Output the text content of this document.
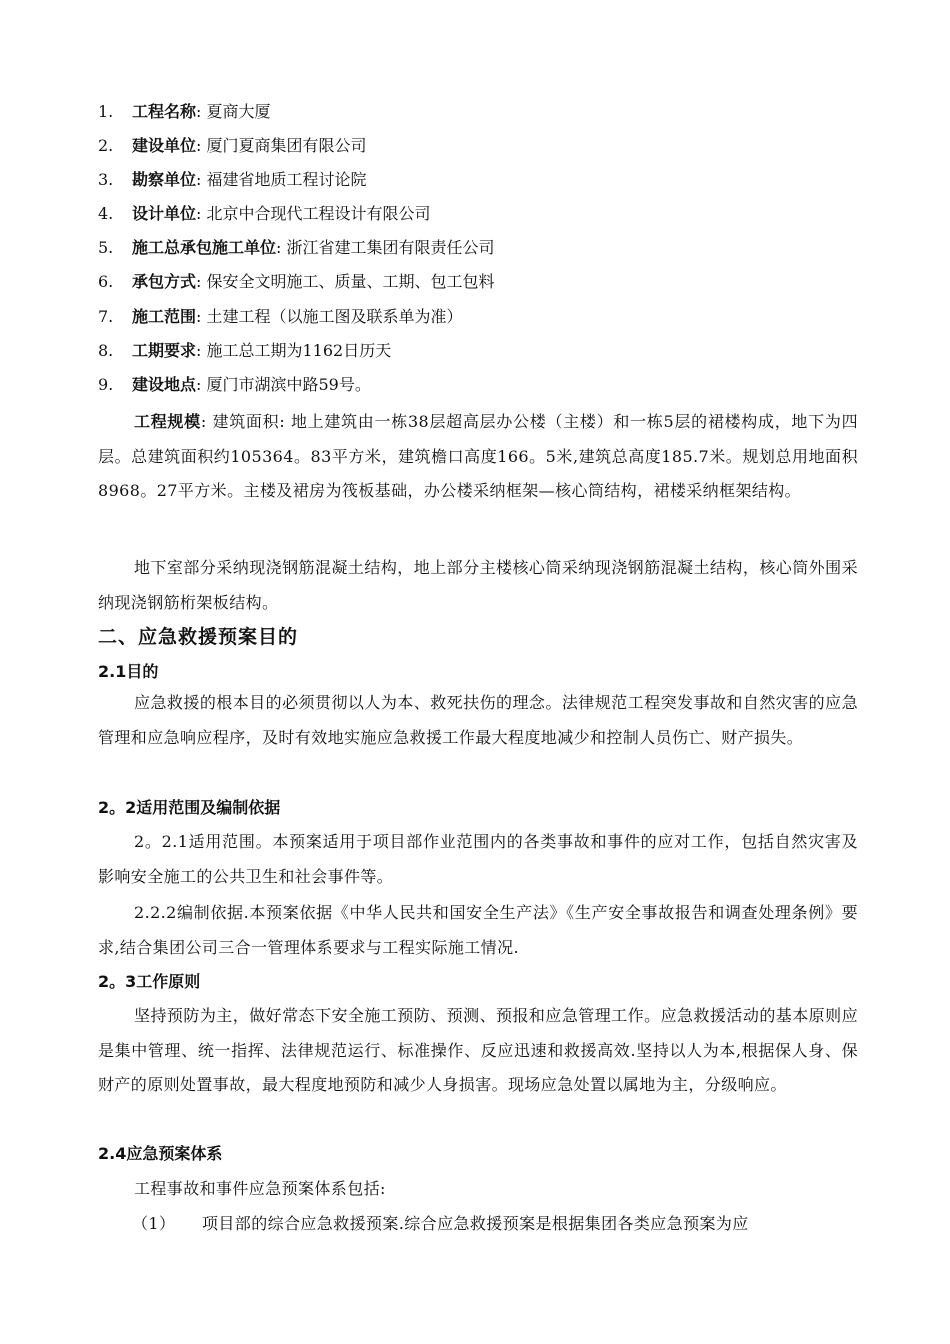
1. 工程名称: 夏商大厦
2. 建设单位: 厦门夏商集团有限公司
3. 勘察单位: 福建省地质工程讨论院
4. 设计单位: 北京中合现代工程设计有限公司
5. 施工总承包施工单位: 浙江省建工集团有限责任公司
6. 承包方式: 保安全文明施工、质量、工期、包工包料
7. 施工范围: 土建工程（以施工图及联系单为准）
8. 工期要求: 施工总工期为1162日历天
9. 建设地点: 厦门市湖滨中路59号。

工程规模: 建筑面积: 地上建筑由一栋38层超高层办公楼（主楼）和一栋5层的裙楼构成，地下为四层。总建筑面积约105364。83平方米，建筑檐口高度166。5米,建筑总高度185.7米。规划总用地面积8968。27平方米。主楼及裙房为筏板基础，办公楼采纳框架—核心筒结构，裙楼采纳框架结构。

地下室部分采纳现浇钢筋混凝土结构，地上部分主楼核心筒采纳现浇钢筋混凝土结构，核心筒外围采纳现浇钢筋桁架板结构。

二、应急救援预案目的
2.1目的

应急救援的根本目的必须贯彻以人为本、救死扶伤的理念。法律规范工程突发事故和自然灾害的应急管理和应急响应程序，及时有效地实施应急救援工作最大程度地减少和控制人员伤亡、财产损失。

2。2适用范围及编制依据

2。2.1适用范围。本预案适用于项目部作业范围内的各类事故和事件的应对工作，包括自然灾害及影响安全施工的公共卫生和社会事件等。

2.2.2编制依据.本预案依据《中华人民共和国安全生产法》《生产安全事故报告和调查处理条例》要求,结合集团公司三合一管理体系要求与工程实际施工情况.

2。3工作原则

坚持预防为主，做好常态下安全施工预防、预测、预报和应急管理工作。应急救援活动的基本原则应是集中管理、统一指挥、法律规范运行、标准操作、反应迅速和救援高效.坚持以人为本,根据保人身、保财产的原则处置事故，最大程度地预防和减少人身损害。现场应急处置以属地为主，分级响应。

2.4应急预案体系

工程事故和事件应急预案体系包括:

（1） 项目部的综合应急救援预案.综合应急救援预案是根据集团各类应急预案为应
